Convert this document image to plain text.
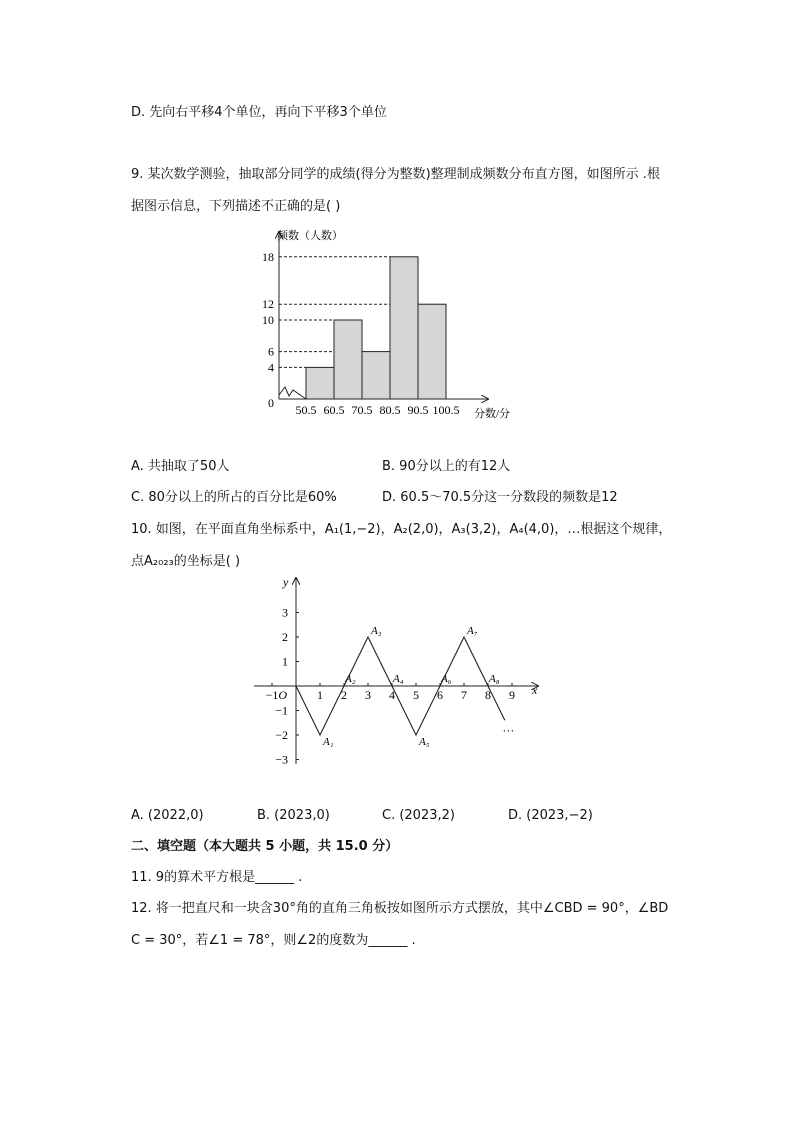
D. 先向右平移4个单位，再向下平移3个单位
9. 某次数学测验，抽取部分同学的成绩(得分为整数)整理制成频数分布直方图，如图所示 .根
据图示信息，下列描述不正确的是( )
0
4
6
10
12
18
50.5 60.5 70.5 80.5 90.5 100.5
频数（人数）
分数/分
A. 共抽取了50人	B. 90分以上的有12人
C. 80分以上的所占的百分比是60%	D. 60.5～70.5分这一分数段的频数是12
10. 如图，在平面直角坐标系中，A₁(1,−2)，A₂(2,0)，A₃(3,2)，A₄(4,0)，…根据这个规律，
点A₂₀₂₃的坐标是( )
−1	1 2 3 4 5 6 7 8 9
3
2
1
−1
−2
−3
O	x
y
A₁
A₂
A₃
A₄
A₅
A₆
A₇
A₈
…
A. (2022,0)	B. (2023,0)	C. (2023,2)	D. (2023,−2)
二、填空题（本大题共 5 小题，共 15.0 分）
11. 9的算术平方根是______ .
12. 将一把直尺和一块含30°角的直角三角板按如图所示方式摆放，其中∠CBD = 90°，∠BD
C = 30°，若∠1 = 78°，则∠2的度数为______ .
